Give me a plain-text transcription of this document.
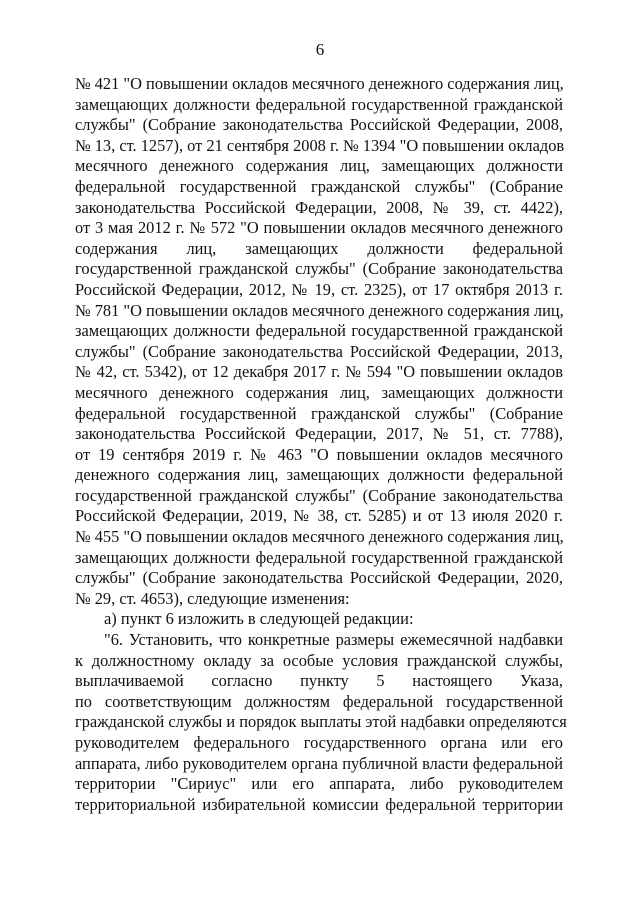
6
№ 421 "О повышении окладов месячного денежного содержания лиц,
замещающих должности федеральной государственной гражданской
службы" (Собрание законодательства Российской Федерации, 2008,
№ 13, ст. 1257), от 21 сентября 2008 г. № 1394 "О повышении окладов
месячного денежного содержания лиц, замещающих должности
федеральной государственной гражданской службы" (Собрание
законодательства Российской Федерации, 2008, № 39, ст. 4422),
от 3 мая 2012 г. № 572 "О повышении окладов месячного денежного
содержания лиц, замещающих должности федеральной
государственной гражданской службы" (Собрание законодательства
Российской Федерации, 2012, № 19, ст. 2325), от 17 октября 2013 г.
№ 781 "О повышении окладов месячного денежного содержания лиц,
замещающих должности федеральной государственной гражданской
службы" (Собрание законодательства Российской Федерации, 2013,
№ 42, ст. 5342), от 12 декабря 2017 г. № 594 "О повышении окладов
месячного денежного содержания лиц, замещающих должности
федеральной государственной гражданской службы" (Собрание
законодательства Российской Федерации, 2017, № 51, ст. 7788),
от 19 сентября 2019 г. № 463 "О повышении окладов месячного
денежного содержания лиц, замещающих должности федеральной
государственной гражданской службы" (Собрание законодательства
Российской Федерации, 2019, № 38, ст. 5285) и от 13 июля 2020 г.
№ 455 "О повышении окладов месячного денежного содержания лиц,
замещающих должности федеральной государственной гражданской
службы" (Собрание законодательства Российской Федерации, 2020,
№ 29, ст. 4653), следующие изменения:
а) пункт 6 изложить в следующей редакции:
"6. Установить, что конкретные размеры ежемесячной надбавки
к должностному окладу за особые условия гражданской службы,
выплачиваемой согласно пункту 5 настоящего Указа,
по соответствующим должностям федеральной государственной
гражданской службы и порядок выплаты этой надбавки определяются
руководителем федерального государственного органа или его
аппарата, либо руководителем органа публичной власти федеральной
территории "Сириус" или его аппарата, либо руководителем
территориальной избирательной комиссии федеральной территории
